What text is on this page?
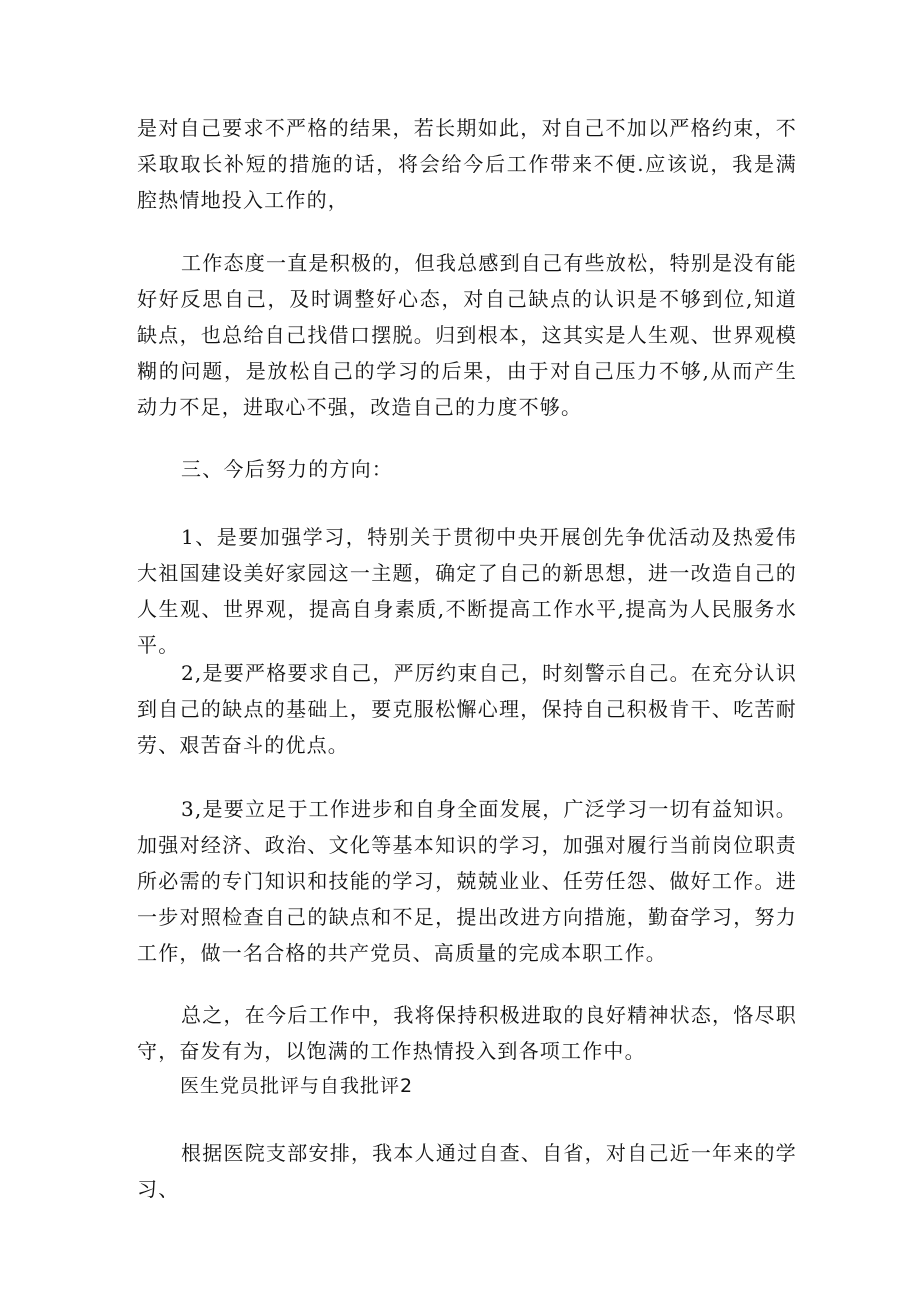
是对自己要求不严格的结果，若长期如此，对自己不加以严格约束，不采取取长补短的措施的话，将会给今后工作带来不便.应该说，我是满腔热情地投入工作的，

工作态度一直是积极的，但我总感到自己有些放松，特别是没有能好好反思自己，及时调整好心态，对自己缺点的认识是不够到位,知道缺点，也总给自己找借口摆脱。归到根本，这其实是人生观、世界观模糊的问题，是放松自己的学习的后果，由于对自己压力不够,从而产生动力不足，进取心不强，改造自己的力度不够。

三、今后努力的方向：

1、是要加强学习，特别关于贯彻中央开展创先争优活动及热爱伟大祖国建设美好家园这一主题，确定了自己的新思想，进一改造自己的人生观、世界观，提高自身素质,不断提高工作水平,提高为人民服务水平。

2,是要严格要求自己，严厉约束自己，时刻警示自己。在充分认识到自己的缺点的基础上，要克服松懈心理，保持自己积极肯干、吃苦耐劳、艰苦奋斗的优点。

3,是要立足于工作进步和自身全面发展，广泛学习一切有益知识。加强对经济、政治、文化等基本知识的学习，加强对履行当前岗位职责所必需的专门知识和技能的学习，兢兢业业、任劳任怨、做好工作。进一步对照检查自己的缺点和不足，提出改进方向措施，勤奋学习，努力工作，做一名合格的共产党员、高质量的完成本职工作。

总之，在今后工作中，我将保持积极进取的良好精神状态，恪尽职守，奋发有为，以饱满的工作热情投入到各项工作中。

医生党员批评与自我批评2

根据医院支部安排，我本人通过自查、自省，对自己近一年来的学习、
